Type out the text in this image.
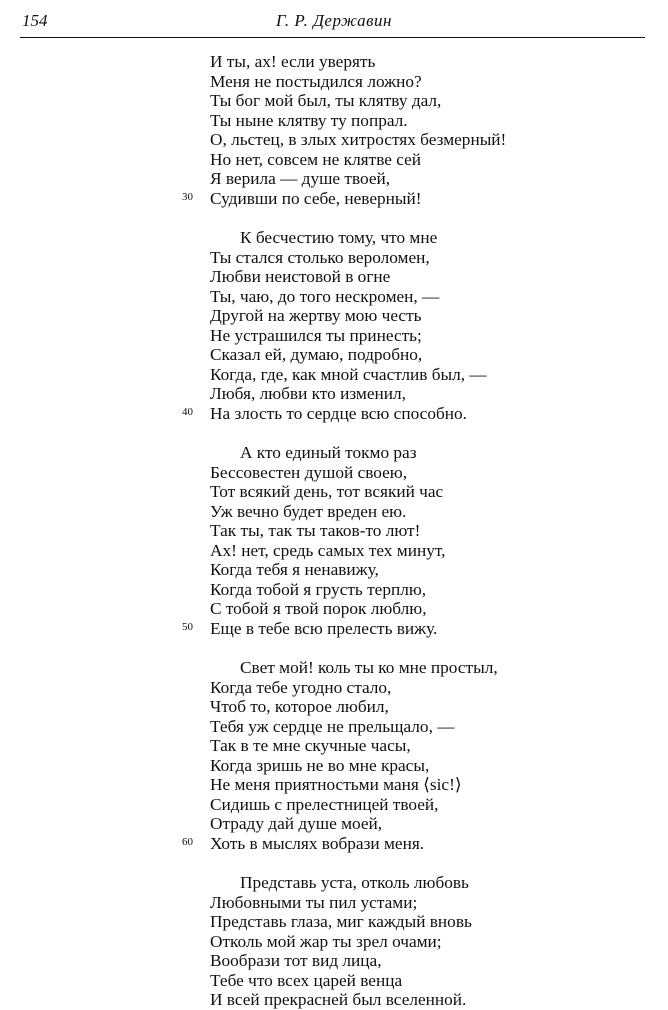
154	Г. Р. Державин
И ты, ах! если уверять
Меня не постыдился ложно?
Ты бог мой был, ты клятву дал,
Ты ныне клятву ту попрал.
О, льстец, в злых хитростях безмерный!
Но нет, совсем не клятве сей
Я верила — душе твоей,
30 Судивши по себе, неверный!
К бесчестию тому, что мне
Ты стался столько вероломен,
Любви неистовой в огне
Ты, чаю, до того нескромен, —
Другой на жертву мою честь
Не устрашился ты принесть;
Сказал ей, думаю, подробно,
Когда, где, как мной счастлив был, —
Любя, любви кто изменил,
40 На злость то сердце всю способно.
А кто единый токмо раз
Бессовестен душой своею,
Тот всякий день, тот всякий час
Уж вечно будет вреден ею.
Так ты, так ты таков-то лют!
Ах! нет, средь самых тех минут,
Когда тебя я ненавижу,
Когда тобой я грусть терплю,
С тобой я твой порок люблю,
50 Еще в тебе всю прелесть вижу.
Свет мой! коль ты ко мне простыл,
Когда тебе угодно стало,
Чтоб то, которое любил,
Тебя уж сердце не прельщало, —
Так в те мне скучные часы,
Когда зришь не во мне красы,
Не меня приятностьми маня ⟨sic!⟩
Сидишь с прелестницей твоей,
Отраду дай душе моей,
60 Хоть в мыслях вобрази меня.
Представь уста, отколь любовь
Любовными ты пил устами;
Представь глаза, миг каждый вновь
Отколь мой жар ты зрел очами;
Вообрази тот вид лица,
Тебе что всех царей венца
И всей прекрасней был вселенной.
